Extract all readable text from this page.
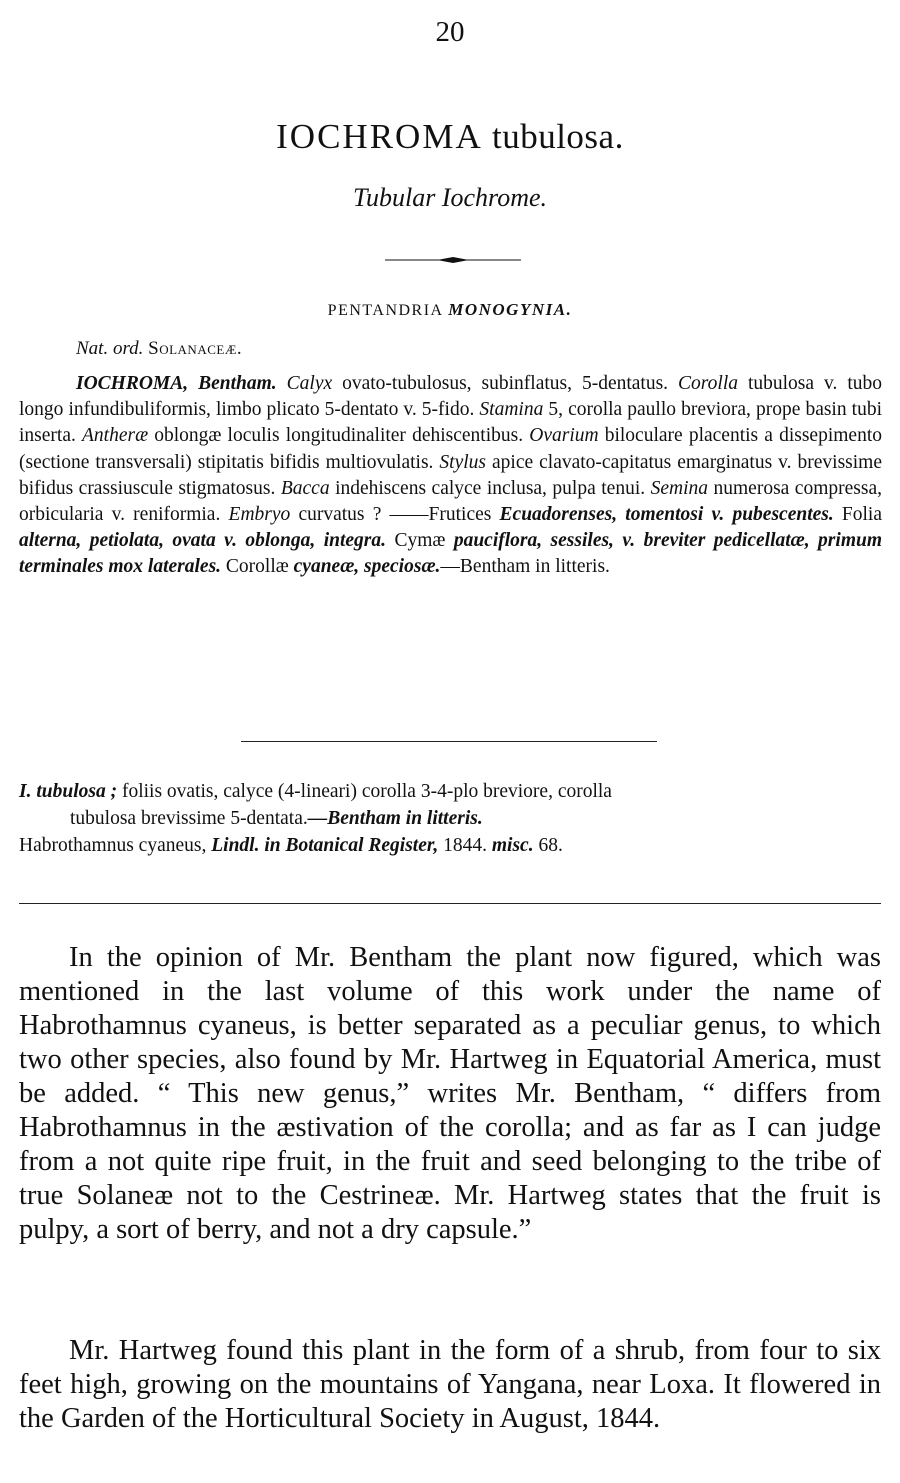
20
IOCHROMA tubulosa.
Tubular Iochrome.
PENTANDRIA MONOGYNIA.
Nat. ord. Solanaceæ.

IOCHROMA, Bentham. Calyx ovato-tubulosus, subinflatus, 5-dentatus. Corolla tubulosa v. tubo longo infundibuliformis, limbo plicato 5-dentato v. 5-fido. Stamina 5, corolla paullo breviora, prope basin tubi inserta. Antheræ oblongæ loculis longitudinaliter dehiscentibus. Ovarium biloculare placentis a dissepimento (sectione transversali) stipitatis bifidis multiovulatis. Stylus apice clavato-capitatus emarginatus v. brevissime bifidus crassiuscule stigmatosus. Bacca indehiscens calyce inclusa, pulpa tenui. Semina numerosa compressa, orbicularia v. reniformia. Embryo curvatus ? ——Frutices Ecuadorenses, tomentosi v. pubescentes. Folia alterna, petiolata, ovata v. oblonga, integra. Cymæ pauciflora, sessiles, v. breviter pedicellatæ, primum terminales mox laterales. Corollæ cyaneæ, speciosæ.—Bentham in litteris.

I. tubulosa ; foliis ovatis, calyce (4-lineari) corolla 3-4-plo breviore, corolla
tubulosa brevissime 5-dentata.—Bentham in litteris.
Habrothamnus cyaneus, Lindl. in Botanical Register, 1844. misc. 68.

In the opinion of Mr. Bentham the plant now figured, which was mentioned in the last volume of this work under the name of Habrothamnus cyaneus, is better separated as a peculiar genus, to which two other species, also found by Mr. Hartweg in Equatorial America, must be added. “ This new genus,” writes Mr. Bentham, “ differs from Habrothamnus in the æstivation of the corolla; and as far as I can judge from a not quite ripe fruit, in the fruit and seed belonging to the tribe of true Solaneæ not to the Cestrineæ. Mr. Hartweg states that the fruit is pulpy, a sort of berry, and not a dry capsule.”

Mr. Hartweg found this plant in the form of a shrub, from four to six feet high, growing on the mountains of Yangana, near Loxa. It flowered in the Garden of the Horticultural Society in August, 1844.
